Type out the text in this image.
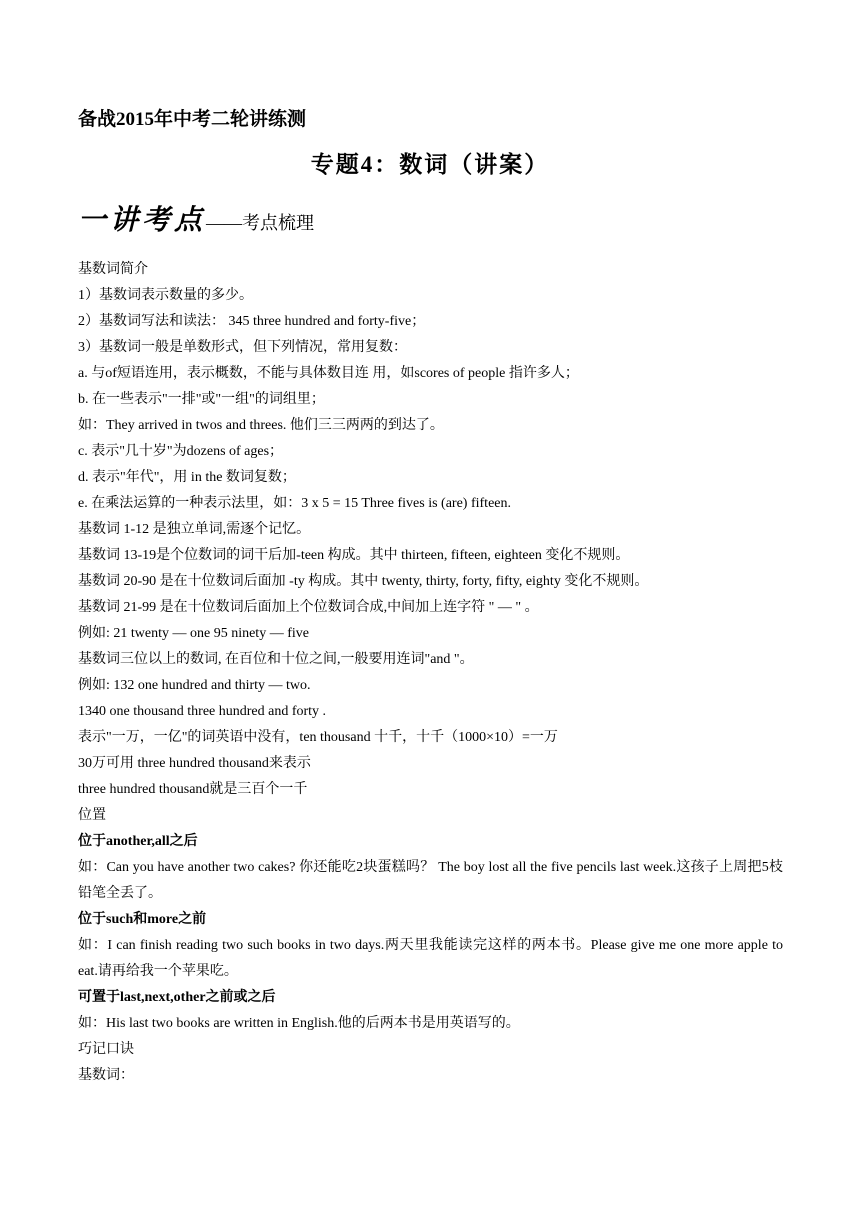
备战2015年中考二轮讲练测
专题4：数词（讲案）
一讲考点——考点梳理
基数词简介
1）基数词表示数量的多少。
2）基数词写法和读法： 345 three hundred and forty-five；
3）基数词一般是单数形式，但下列情况，常用复数：
a. 与of短语连用，表示概数，不能与具体数目连 用，如scores of people 指许多人；
b. 在一些表示"一排"或"一组"的词组里；
如：They arrived in twos and threes. 他们三三两两的到达了。
c. 表示"几十岁"为dozens of ages；
d. 表示"年代"，用 in the 数词复数；
e. 在乘法运算的一种表示法里，如：3 x 5 = 15 Three fives is (are) fifteen.
基数词 1-12 是独立单词,需逐个记忆。
基数词 13-19是个位数词的词干后加-teen 构成。其中 thirteen, fifteen, eighteen 变化不规则。
基数词 20-90 是在十位数词后面加 -ty 构成。其中 twenty, thirty, forty, fifty, eighty 变化不规则。
基数词 21-99 是在十位数词后面加上个位数词合成,中间加上连字符 " — " 。
例如: 21 twenty — one 95 ninety — five
基数词三位以上的数词, 在百位和十位之间,一般要用连词"and "。
例如: 132 one hundred and thirty — two.
1340 one thousand three hundred and forty .
表示"一万，一亿"的词英语中没有，ten thousand 十千，十千（1000×10）=一万
30万可用 three hundred thousand来表示
three hundred thousand就是三百个一千
位置
位于another,all之后
如：Can you have another two cakes? 你还能吃2块蛋糕吗？ The boy lost all the five pencils last week.这孩子上周把5枝铅笔全丢了。
位于such和more之前
如：I can finish reading two such books in two days.两天里我能读完这样的两本书。Please give me one more apple to eat.请再给我一个苹果吃。
可置于last,next,other之前或之后
如：His last two books are written in English.他的后两本书是用英语写的。
巧记口诀
基数词：
